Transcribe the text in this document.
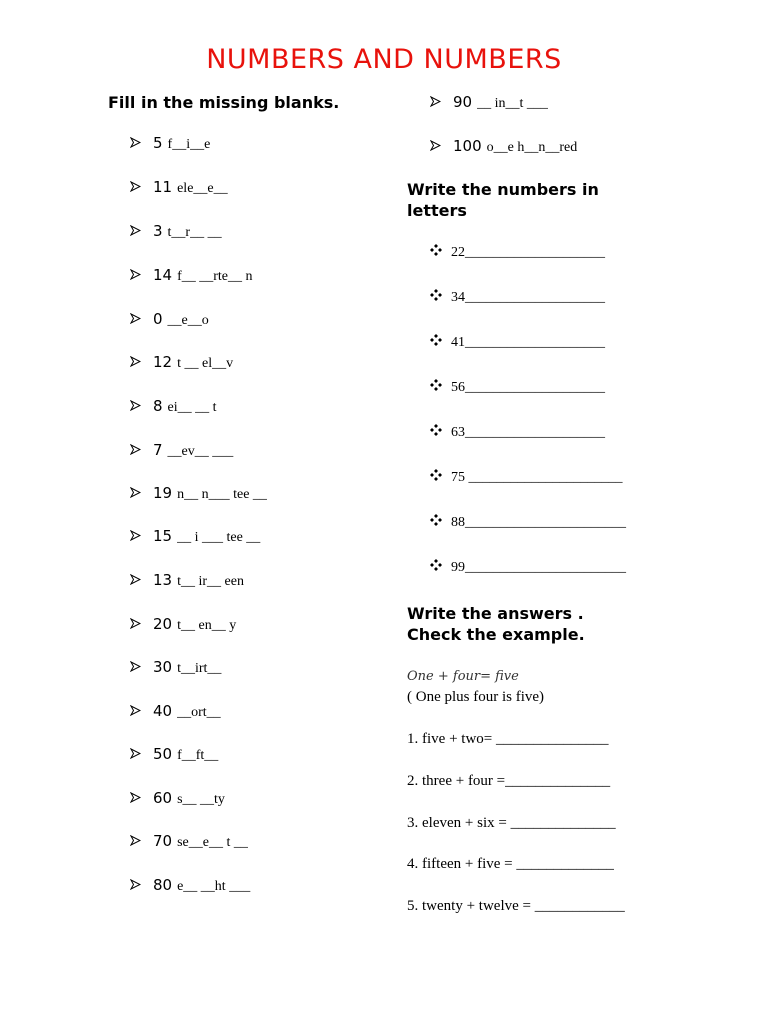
NUMBERS AND NUMBERS
Fill in the missing blanks.
5 f__i__e
11 ele__e__
3 t__r__ __
14 f__ __rte__ n
0 __e__o
12 t __ el__v
8 ei__ __ t
7 __ev__ ___
19 n__ n___ tee __
15 __ i ___ tee __
13 t__ ir__ een
20 t__ en__ y
30 t__irt__
40 __ort__
50 f__ft__
60 s__ __ty
70 se__e__ t __
80 e__ __ht ___
90 __ in__t ___
100 o__e h__n__red
Write the numbers in
letters
22____________________
34____________________
41____________________
56____________________
63____________________
75 ______________________
88_______________________
99_______________________
Write the answers .
Check the example.
One + four= five
( One plus four is five)
1. five + two= _______________
2. three + four =______________
3. eleven + six = ______________
4. fifteen + five = _____________
5. twenty + twelve = ____________
